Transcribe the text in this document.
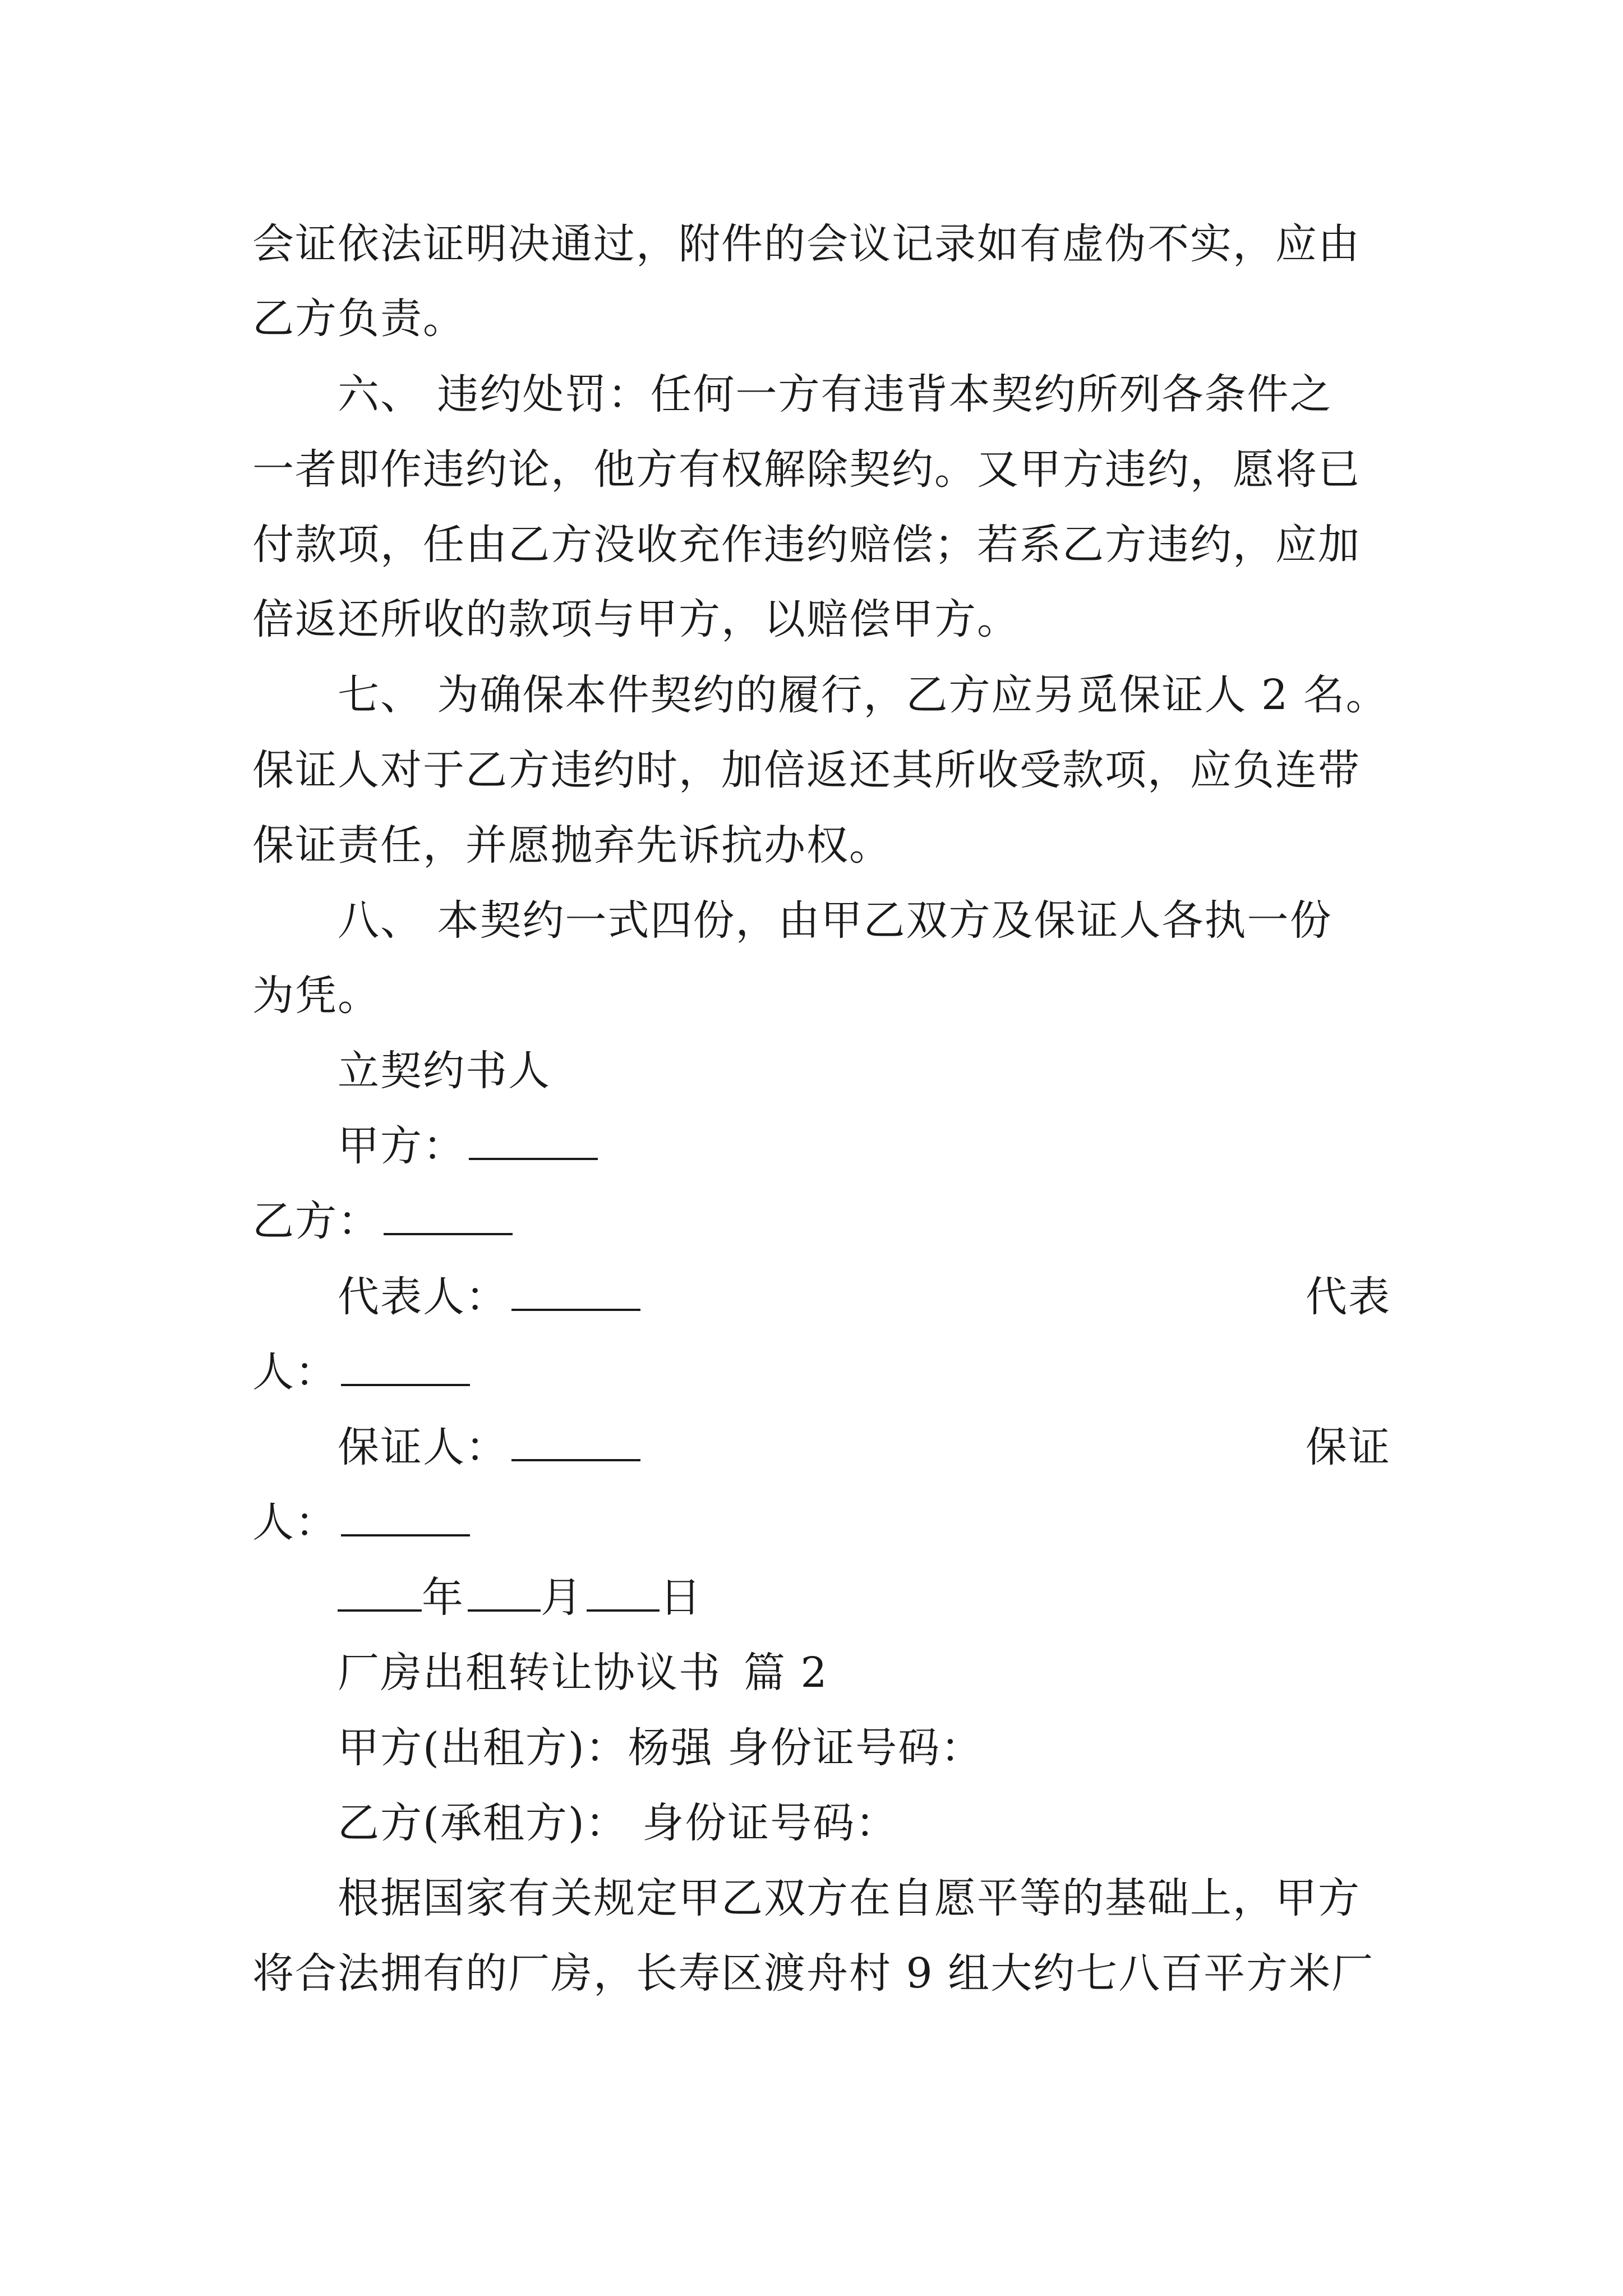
会证依法证明决通过，附件的会议记录如有虚伪不实，应由
乙方负责。
六、 违约处罚：任何一方有违背本契约所列各条件之
一者即作违约论，他方有权解除契约。又甲方违约，愿将已
付款项，任由乙方没收充作违约赔偿；若系乙方违约，应加
倍返还所收的款项与甲方，以赔偿甲方。
七、 为确保本件契约的履行，乙方应另觅保证人 2 名。
保证人对于乙方违约时，加倍返还其所收受款项，应负连带
保证责任，并愿抛弃先诉抗办权。
八、 本契约一式四份，由甲乙双方及保证人各执一份
为凭。
立契约书人
甲方：
乙方：
代表人：	代表
人：
保证人：	保证
人：
年 月 日
厂房出租转让协议书 篇 2
甲方(出租方)：杨强 身份证号码：
乙方(承租方)： 身份证号码：
根据国家有关规定甲乙双方在自愿平等的基础上，甲方
将合法拥有的厂房，长寿区渡舟村 9 组大约七八百平方米厂
